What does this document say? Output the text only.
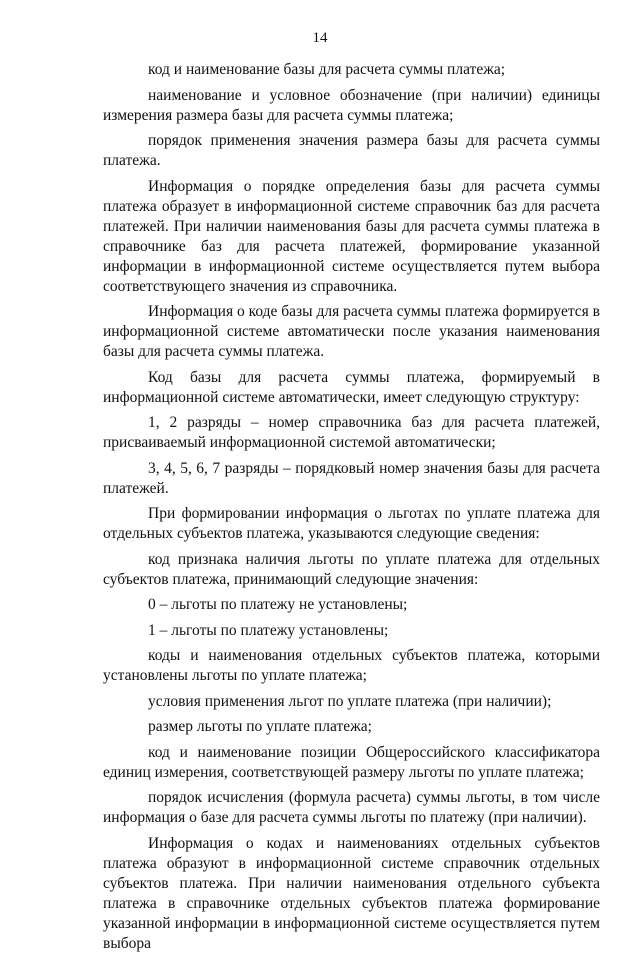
14

код и наименование базы для расчета суммы платежа;

наименование и условное обозначение (при наличии) единицы измерения размера базы для расчета суммы платежа;

порядок применения значения размера базы для расчета суммы платежа.

Информация о порядке определения базы для расчета суммы платежа образует в информационной системе справочник баз для расчета платежей. При наличии наименования базы для расчета суммы платежа в справочнике баз для расчета платежей, формирование указанной информации в информационной системе осуществляется путем выбора соответствующего значения из справочника.

Информация о коде базы для расчета суммы платежа формируется в информационной системе автоматически после указания наименования базы для расчета суммы платежа.

Код базы для расчета суммы платежа, формируемый в информационной системе автоматически, имеет следующую структуру:

1, 2 разряды – номер справочника баз для расчета платежей, присваиваемый информационной системой автоматически;

3, 4, 5, 6, 7 разряды – порядковый номер значения базы для расчета платежей.

При формировании информация о льготах по уплате платежа для отдельных субъектов платежа, указываются следующие сведения:

код признака наличия льготы по уплате платежа для отдельных субъектов платежа, принимающий следующие значения:

0 – льготы по платежу не установлены;

1 – льготы по платежу установлены;

коды и наименования отдельных субъектов платежа, которыми установлены льготы по уплате платежа;

условия применения льгот по уплате платежа (при наличии);

размер льготы по уплате платежа;

код и наименование позиции Общероссийского классификатора единиц измерения, соответствующей размеру льготы по уплате платежа;

порядок исчисления (формула расчета) суммы льготы, в том числе информация о базе для расчета суммы льготы по платежу (при наличии).

Информация о кодах и наименованиях отдельных субъектов платежа образуют в информационной системе справочник отдельных субъектов платежа. При наличии наименования отдельного субъекта платежа в справочнике отдельных субъектов платежа формирование указанной информации в информационной системе осуществляется путем выбора
